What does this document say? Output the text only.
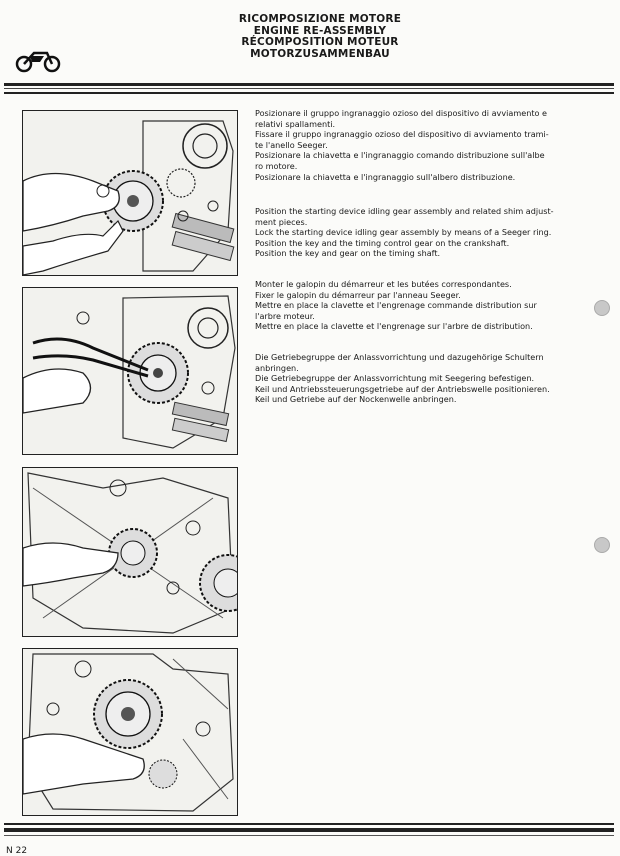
RICOMPOSIZIONE MOTORE
ENGINE RE-ASSEMBLY
RÉCOMPOSITION MOTEUR
MOTORZUSAMMENBAU

Posizionare il gruppo ingranaggio ozioso del dispositivo di avviamento e
relativi spallamenti.
Fissare il gruppo ingranaggio ozioso del dispositivo di avviamento trami-
te l'anello Seeger.
Posizionare la chiavetta e l'ingranaggio comando distribuzione sull'albe
ro motore.
Posizionare la chiavetta e l'ingranaggio sull'albero distribuzione.

Position the starting device idling gear assembly and related shim adjust-
ment pieces.
Lock the starting device idling gear assembly by means of a Seeger ring.
Position the key and the timing control gear on the crankshaft.
Position the key and gear on the timing shaft.

Monter le galopin du démarreur et les butées correspondantes.
Fixer le galopin du démarreur par l'anneau Seeger.
Mettre en place la clavette et l'engrenage commande distribution sur
l'arbre moteur.
Mettre en place la clavette et l'engrenage sur l'arbre de distribution.

Die Getriebegruppe der Anlassvorrichtung und dazugehörige Schultern
anbringen.
Die Getriebegruppe der Anlassvorrichtung mit Seegering befestigen.
Keil und Antriebssteuerungsgetriebe auf der Antriebswelle positionieren.
Keil und Getriebe auf der Nockenwelle anbringen.

N 22
